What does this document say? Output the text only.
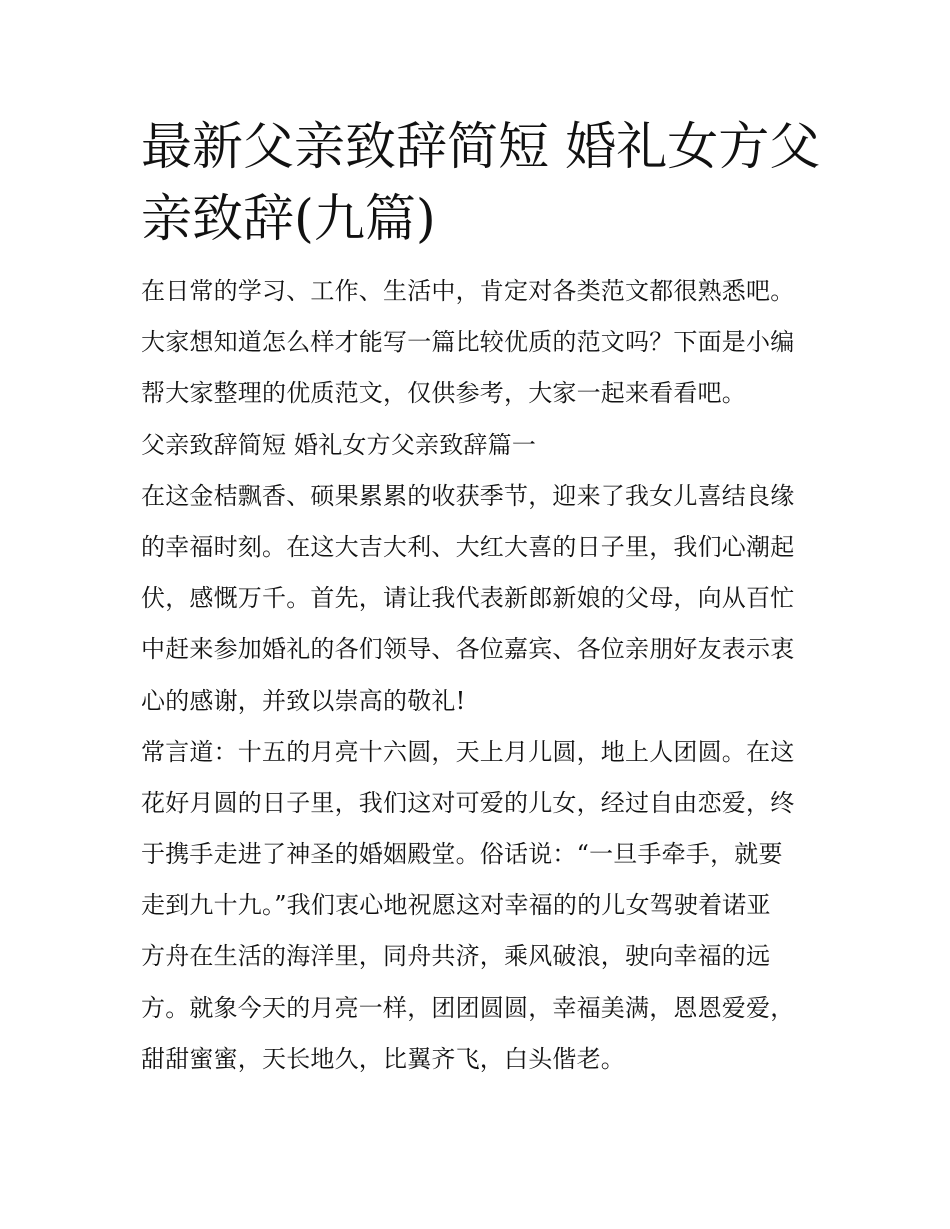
最新父亲致辞简短 婚礼女方父
亲致辞(九篇)
在日常的学习、工作、生活中，肯定对各类范文都很熟悉吧。
大家想知道怎么样才能写一篇比较优质的范文吗？下面是小编
帮大家整理的优质范文，仅供参考，大家一起来看看吧。
父亲致辞简短 婚礼女方父亲致辞篇一
在这金桔飘香、硕果累累的收获季节，迎来了我女儿喜结良缘
的幸福时刻。在这大吉大利、大红大喜的日子里，我们心潮起
伏，感慨万千。首先，请让我代表新郎新娘的父母，向从百忙
中赶来参加婚礼的各们领导、各位嘉宾、各位亲朋好友表示衷
心的感谢，并致以崇高的敬礼!
常言道：十五的月亮十六圆，天上月儿圆，地上人团圆。在这
花好月圆的日子里，我们这对可爱的儿女，经过自由恋爱，终
于携手走进了神圣的婚姻殿堂。俗话说：“一旦手牵手，就要
走到九十九。”我们衷心地祝愿这对幸福的的儿女驾驶着诺亚
方舟在生活的海洋里，同舟共济，乘风破浪，驶向幸福的远
方。就象今天的月亮一样，团团圆圆，幸福美满，恩恩爱爱，
甜甜蜜蜜，天长地久，比翼齐飞，白头偕老。
